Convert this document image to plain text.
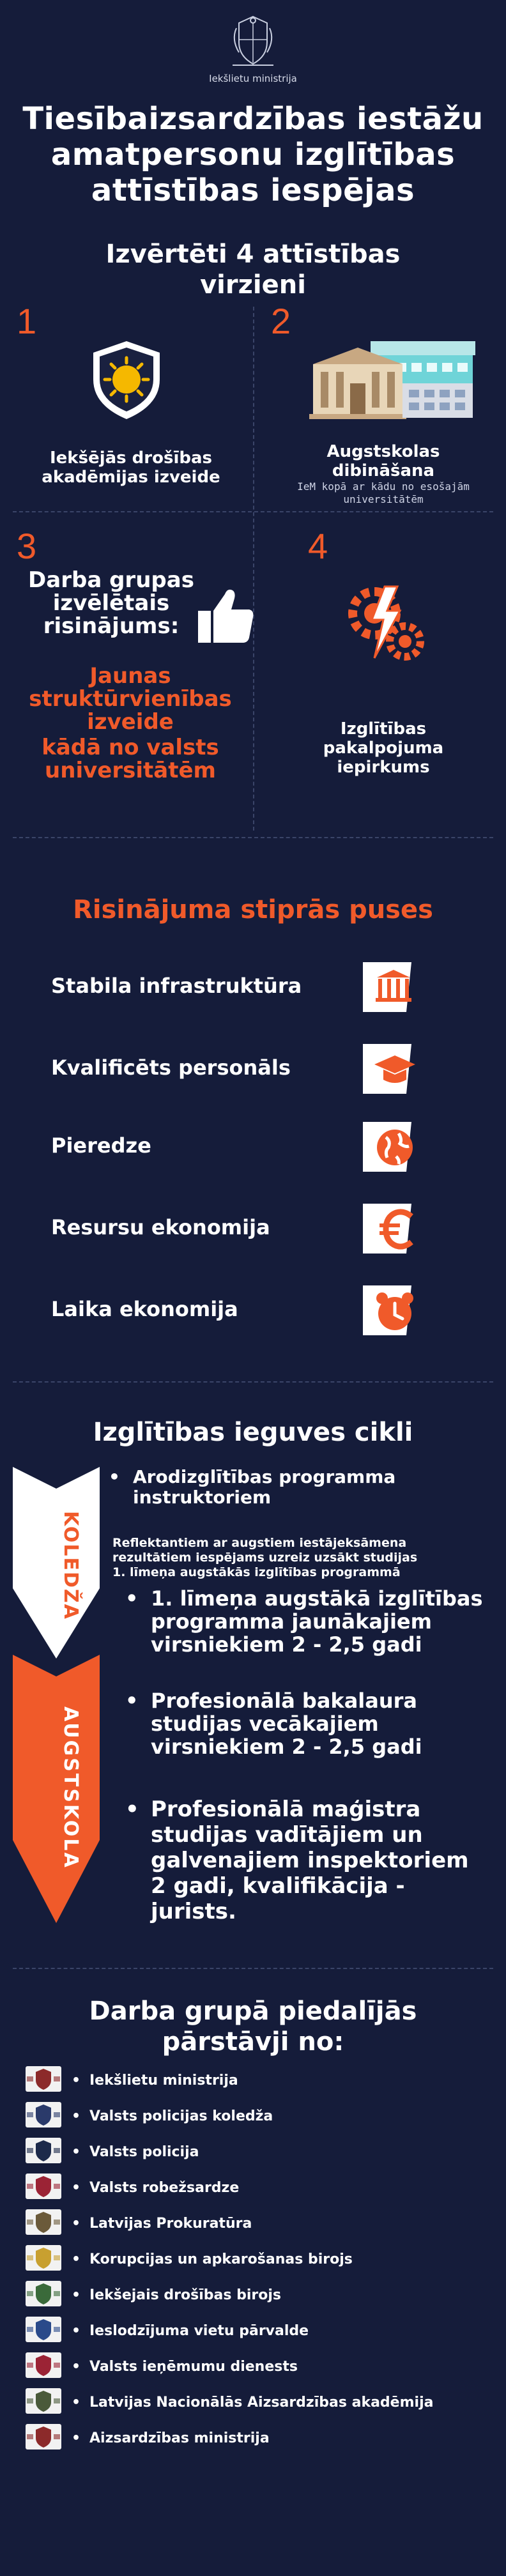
Iekšlietu ministrija
Tiesībaizsardzības iestāžu
amatpersonu izglītības
attīstības iespējas
Izvērtēti 4 attīstības
virzieni
1
Iekšējās drošības
akadēmijas izveide
2
Augstskolas
dibināšana
IeM kopā ar kādu no esošajām
universitātēm
3
Darba grupas
izvēlētais
risinājums:
Jaunas
struktūrvienības
izveide
kādā no valsts
universitātēm
4
Izglītības
pakalpojuma
iepirkums
Risinājuma stiprās puses
Stabila infrastruktūra
Kvalificēts personāls
Pieredze
Resursu ekonomija
Laika ekonomija
Izglītības ieguves cikli
KOLEDŽA
AUGSTSKOLA
• Arodizglītības programma
instruktoriem
Reflektantiem ar augstiem iestājeksāmena
rezultātiem iespējams uzreiz uzsākt studijas
1. līmeņa augstākās izglītības programmā
• 1. līmeņa augstākā izglītības
programma jaunākajiem
virsniekiem 2 - 2,5 gadi
• Profesionālā bakalaura
studijas vecākajiem
virsniekiem 2 - 2,5 gadi
• Profesionālā maģistra
studijas vadītājiem un
galvenajiem inspektoriem
2 gadi, kvalifikācija -
jurists.
Darba grupā piedalījās
pārstāvji no:
• Iekšlietu ministrija
• Valsts policijas koledža
• Valsts policija
• Valsts robežsardze
• Latvijas Prokuratūra
• Korupcijas un apkarošanas birojs
• Iekšejais drošības birojs
• Ieslodzījuma vietu pārvalde
• Valsts ieņēmumu dienests
• Latvijas Nacionālās Aizsardzības akadēmija
• Aizsardzības ministrija
